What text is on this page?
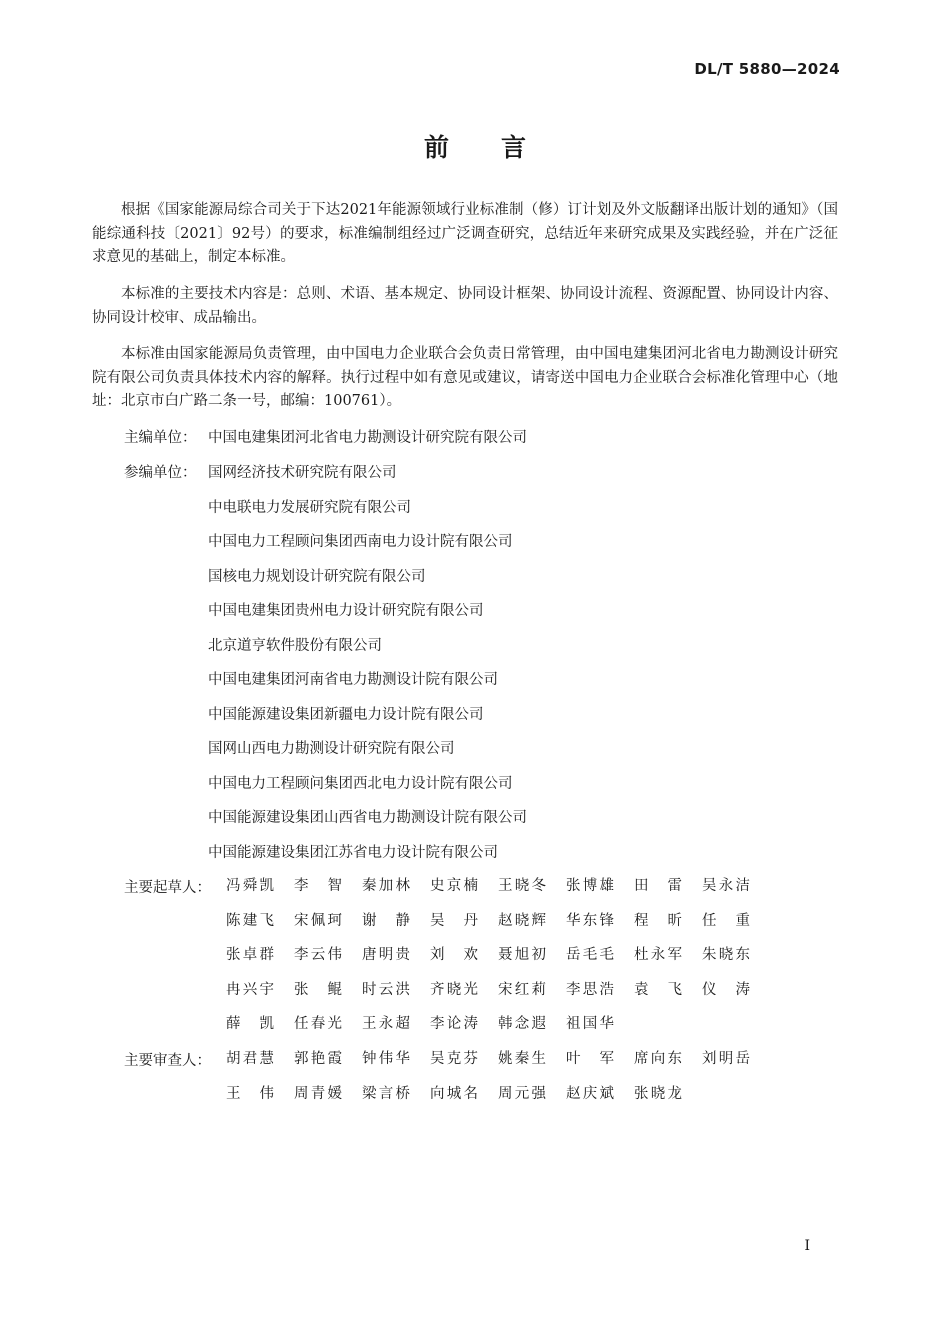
DL/T 5880—2024
前 言

根据《国家能源局综合司关于下达2021年能源领域行业标准制（修）订计划及外文版翻译出版计划的通知》（国能综通科技〔2021〕92号）的要求，标准编制组经过广泛调查研究，总结近年来研究成果及实践经验，并在广泛征求意见的基础上，制定本标准。

本标准的主要技术内容是：总则、术语、基本规定、协同设计框架、协同设计流程、资源配置、协同设计内容、协同设计校审、成品输出。

本标准由国家能源局负责管理，由中国电力企业联合会负责日常管理，由中国电建集团河北省电力勘测设计研究院有限公司负责具体技术内容的解释。执行过程中如有意见或建议，请寄送中国电力企业联合会标准化管理中心（地址：北京市白广路二条一号，邮编：100761）。

主编单位： 中国电建集团河北省电力勘测设计研究院有限公司
参编单位： 国网经济技术研究院有限公司
中电联电力发展研究院有限公司
中国电力工程顾问集团西南电力设计院有限公司
国核电力规划设计研究院有限公司
中国电建集团贵州电力设计研究院有限公司
北京道亨软件股份有限公司
中国电建集团河南省电力勘测设计院有限公司
中国能源建设集团新疆电力设计院有限公司
国网山西电力勘测设计研究院有限公司
中国电力工程顾问集团西北电力设计院有限公司
中国能源建设集团山西省电力勘测设计院有限公司
中国能源建设集团江苏省电力设计院有限公司
主要起草人： 冯舜凯 李　智 秦加林 史京楠 王晓冬 张博雄 田　雷 吴永洁
陈建飞 宋佩珂 谢　静 吴　丹 赵晓辉 华东锋 程　昕 任　重
张卓群 李云伟 唐明贵 刘　欢 聂旭初 岳毛毛 杜永军 朱晓东
冉兴宇 张　鲲 时云洪 齐晓光 宋红莉 李思浩 袁　飞 仪　涛
薛　凯 任春光 王永超 李论涛 韩念遐 祖国华
主要审查人： 胡君慧 郭艳霞 钟伟华 吴克芬 姚秦生 叶　军 席向东 刘明岳
王　伟 周青媛 梁言桥 向城名 周元强 赵庆斌 张晓龙
I
